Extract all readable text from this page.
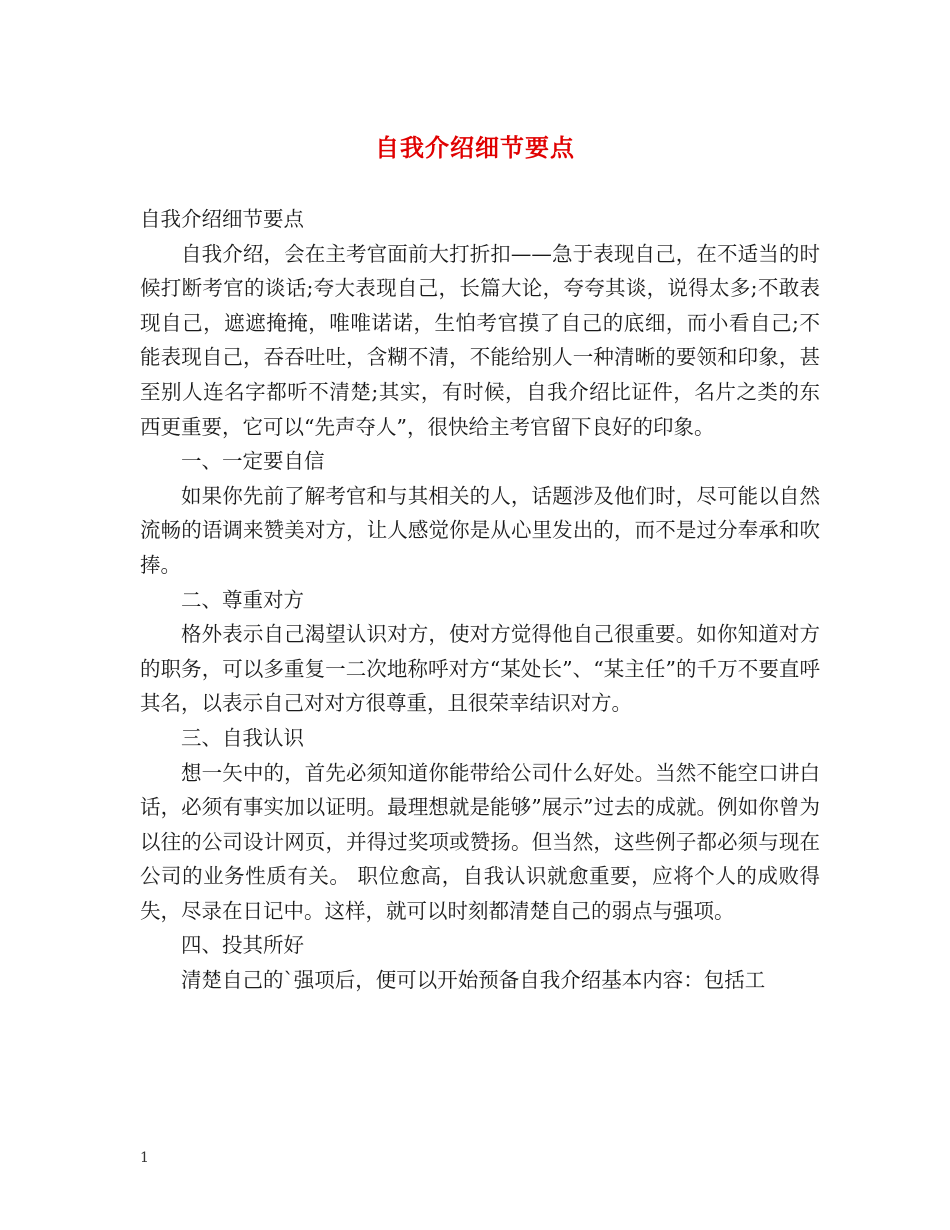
自我介绍细节要点

自我介绍细节要点

自我介绍，会在主考官面前大打折扣——急于表现自己，在不适当的时候打断考官的谈话;夸大表现自己，长篇大论，夸夸其谈，说得太多;不敢表现自己，遮遮掩掩，唯唯诺诺，生怕考官摸了自己的底细，而小看自己;不能表现自己，吞吞吐吐，含糊不清，不能给别人一种清晰的要领和印象，甚至别人连名字都听不清楚;其实，有时候，自我介绍比证件，名片之类的东西更重要，它可以“先声夺人”，很快给主考官留下良好的印象。

一、一定要自信

如果你先前了解考官和与其相关的人，话题涉及他们时，尽可能以自然流畅的语调来赞美对方，让人感觉你是从心里发出的，而不是过分奉承和吹捧。

二、尊重对方

格外表示自己渴望认识对方，使对方觉得他自己很重要。如你知道对方的职务，可以多重复一二次地称呼对方“某处长”、“某主任”的千万不要直呼其名，以表示自己对对方很尊重，且很荣幸结识对方。

三、自我认识

想一矢中的，首先必须知道你能带给公司什么好处。当然不能空口讲白话，必须有事实加以证明。最理想就是能够”展示”过去的成就。例如你曾为以往的公司设计网页，并得过奖项或赞扬。但当然，这些例子都必须与现在公司的业务性质有关。 职位愈高，自我认识就愈重要，应将个人的成败得失，尽录在日记中。这样，就可以时刻都清楚自己的弱点与强项。

四、投其所好

清楚自己的`强项后，便可以开始预备自我介绍基本内容：包括工

1
